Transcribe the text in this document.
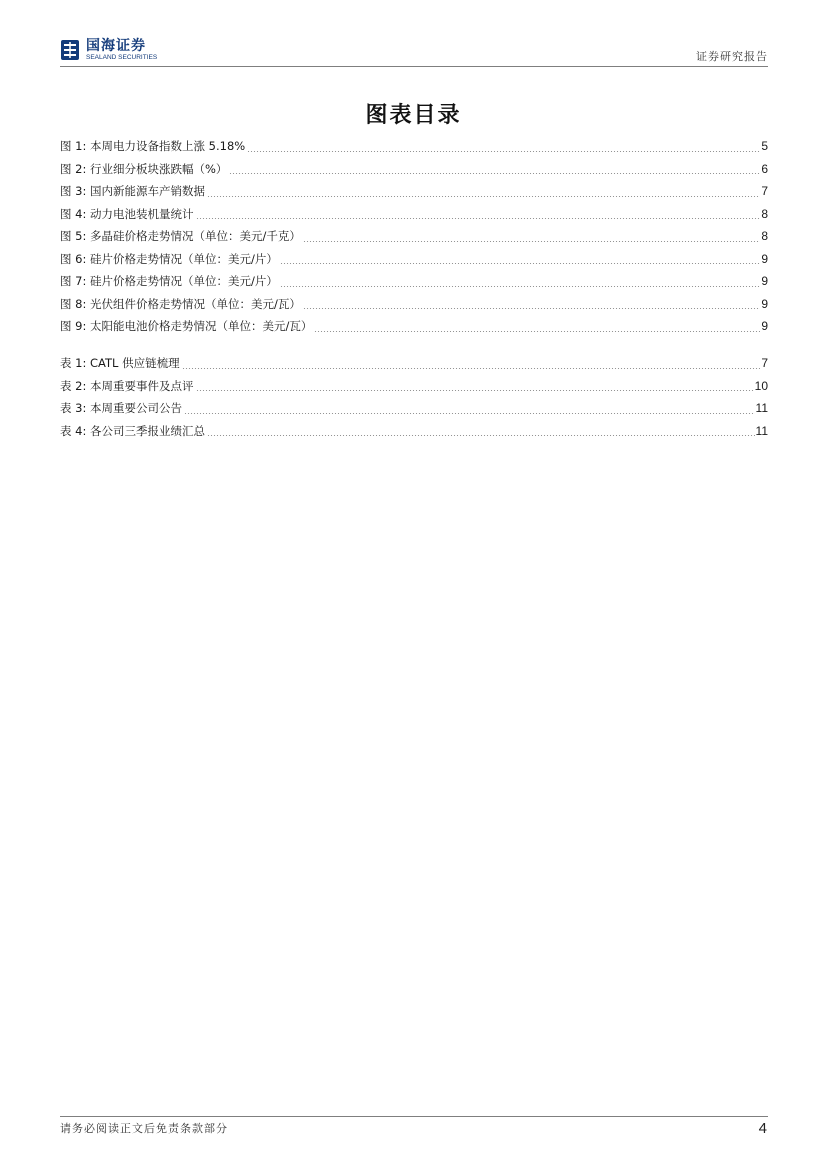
国海证券
SEALAND SECURITIES	证券研究报告
图表目录
图 1: 本周电力设备指数上涨 5.18%	5
图 2: 行业细分板块涨跌幅（%）	6
图 3: 国内新能源车产销数据	7
图 4: 动力电池装机量统计	8
图 5: 多晶硅价格走势情况（单位：美元/千克）	8
图 6: 硅片价格走势情况（单位：美元/片）	9
图 7: 硅片价格走势情况（单位：美元/片）	9
图 8: 光伏组件价格走势情况（单位：美元/瓦）	9
图 9: 太阳能电池价格走势情况（单位：美元/瓦）	9
表 1: CATL 供应链梳理	7
表 2: 本周重要事件及点评	10
表 3: 本周重要公司公告	11
表 4: 各公司三季报业绩汇总	11
请务必阅读正文后免责条款部分	4
